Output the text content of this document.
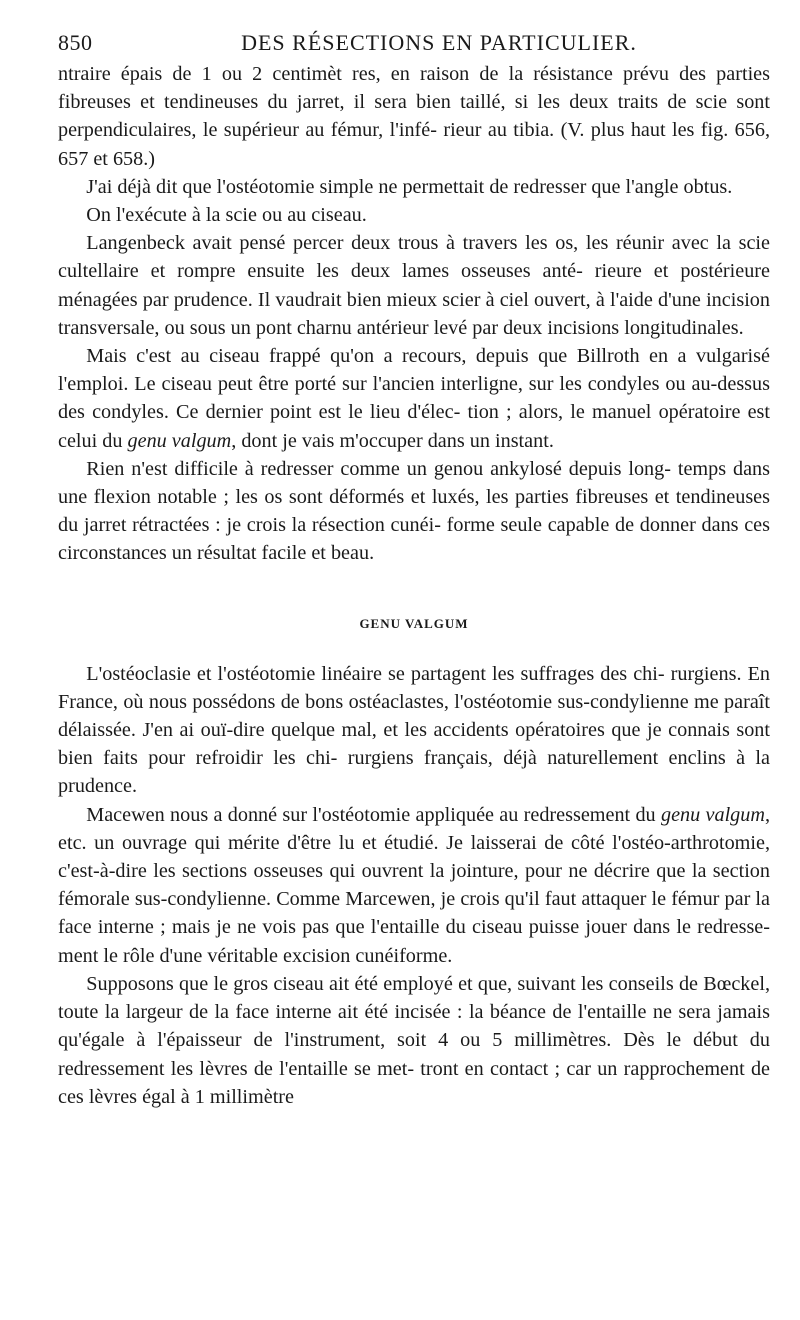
850	DES RÉSECTIONS EN PARTICULIER.

ntraire épais de 1 ou 2 centimèt res, en raison de la résistance prévu des parties fibreuses et tendineuses du jarret, il sera bien taillé, si les deux traits de scie sont perpendiculaires, le supérieur au fémur, l'infé- rieur au tibia. (V. plus haut les fig. 656, 657 et 658.)

J'ai déjà dit que l'ostéotomie simple ne permettait de redresser que l'angle obtus.

On l'exécute à la scie ou au ciseau.

Langenbeck avait pensé percer deux trous à travers les os, les réunir avec la scie cultellaire et rompre ensuite les deux lames osseuses anté- rieure et postérieure ménagées par prudence. Il vaudrait bien mieux scier à ciel ouvert, à l'aide d'une incision transversale, ou sous un pont charnu antérieur levé par deux incisions longitudinales.

Mais c'est au ciseau frappé qu'on a recours, depuis que Billroth en a vulgarisé l'emploi. Le ciseau peut être porté sur l'ancien interligne, sur les condyles ou au-dessus des condyles. Ce dernier point est le lieu d'élec- tion ; alors, le manuel opératoire est celui du genu valgum, dont je vais m'occuper dans un instant.

Rien n'est difficile à redresser comme un genou ankylosé depuis long- temps dans une flexion notable ; les os sont déformés et luxés, les parties fibreuses et tendineuses du jarret rétractées : je crois la résection cunéi- forme seule capable de donner dans ces circonstances un résultat facile et beau.

GENU VALGUM

L'ostéoclasie et l'ostéotomie linéaire se partagent les suffrages des chi- rurgiens. En France, où nous possédons de bons ostéaclastes, l'ostéotomie sus-condylienne me paraît délaissée. J'en ai ouï-dire quelque mal, et les accidents opératoires que je connais sont bien faits pour refroidir les chi- rurgiens français, déjà naturellement enclins à la prudence.

Macewen nous a donné sur l'ostéotomie appliquée au redressement du genu valgum, etc. un ouvrage qui mérite d'être lu et étudié. Je laisserai de côté l'ostéo-arthrotomie, c'est-à-dire les sections osseuses qui ouvrent la jointure, pour ne décrire que la section fémorale sus-condylienne. Comme Marcewen, je crois qu'il faut attaquer le fémur par la face interne ; mais je ne vois pas que l'entaille du ciseau puisse jouer dans le redresse- ment le rôle d'une véritable excision cunéiforme.

Supposons que le gros ciseau ait été employé et que, suivant les conseils de Bœckel, toute la largeur de la face interne ait été incisée : la béance de l'entaille ne sera jamais qu'égale à l'épaisseur de l'instrument, soit 4 ou 5 millimètres. Dès le début du redressement les lèvres de l'entaille se met- tront en contact ; car un rapprochement de ces lèvres égal à 1 millimètre
